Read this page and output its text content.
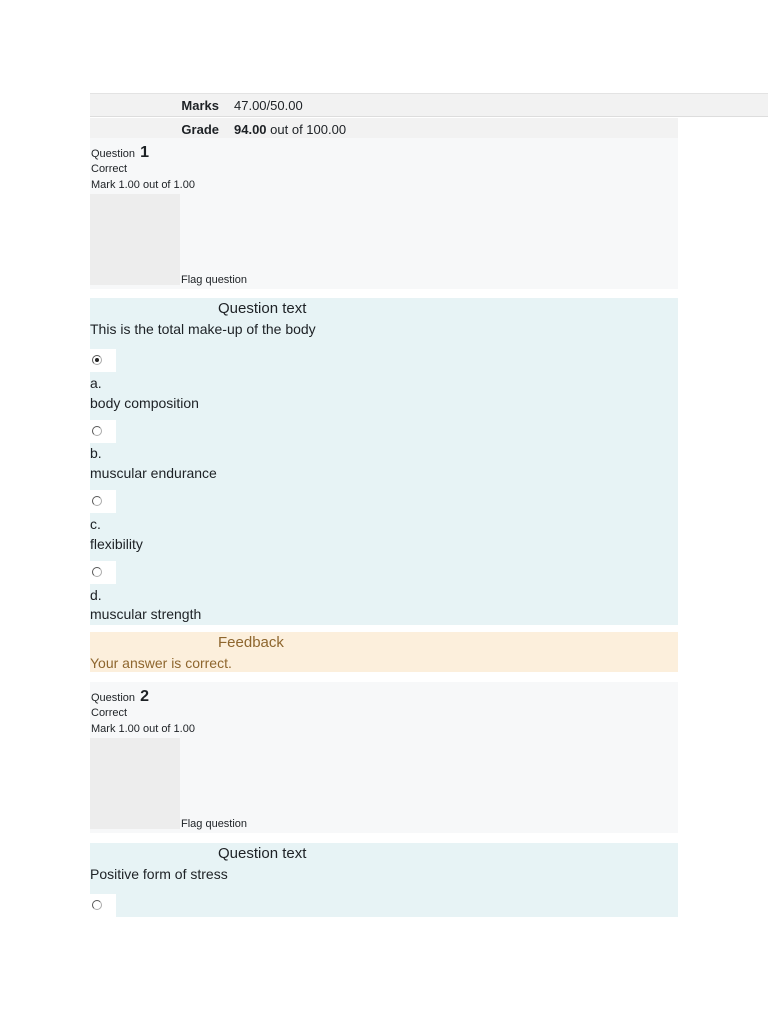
Marks	47.00/50.00
Grade	94.00 out of 100.00
Question 1
Correct
Mark 1.00 out of 1.00
Flag question
Question text
This is the total make-up of the body
a.
body composition
b.
muscular endurance
c.
flexibility
d.
muscular strength
Feedback
Your answer is correct.
Question 2
Correct
Mark 1.00 out of 1.00
Flag question
Question text
Positive form of stress
